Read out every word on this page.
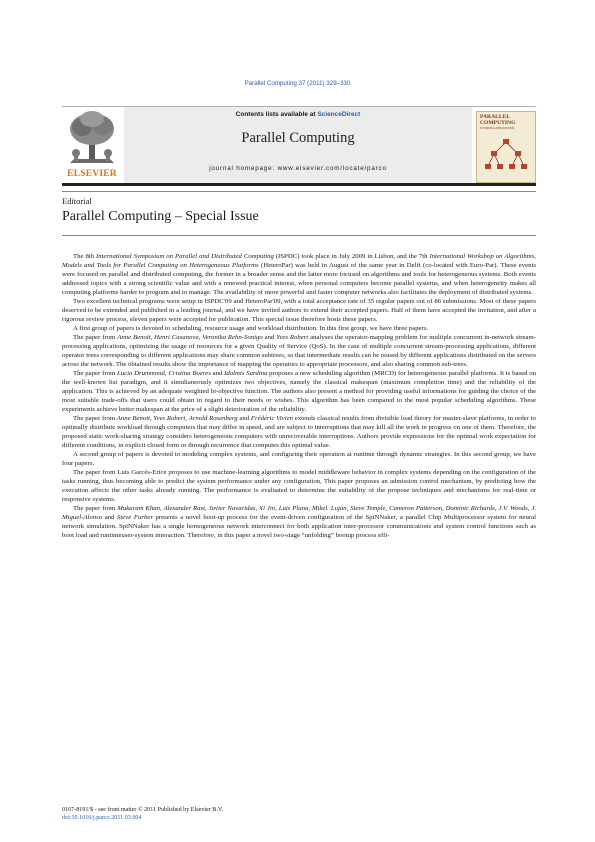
Parallel Computing 37 (2011) 329–330
ELSEVIER
Contents lists available at ScienceDirect
Parallel Computing
journal homepage: www.elsevier.com/locate/parco
PARALLEL COMPUTING
SYSTEMS & APPLICATIONS
Editorial
Parallel Computing – Special Issue

The 8th International Symposium on Parallel and Distributed Computing (ISPDC) took place in July 2009 in Lisbon, and the 7th International Workshop on Algorithms, Models and Tools for Parallel Computing on Heterogeneous Platforms (HeteroPar) was held in August of the same year in Delft (co-located with Euro-Par). These events were focused on parallel and distributed computing, the former in a broader sense and the latter more focused on algorithms and tools for heterogeneous systems. Both events addressed topics with a strong scientific value and with a renewed practical interest, when personal computers become parallel systems, and when heterogeneity makes all computing platforms harder to program and to manage. The availability of more powerful and faster computer networks also facilitates the deployment of distributed systems.

Two excellent technical programs were setup in ISPDC'09 and HeteroPar'09, with a total acceptance rate of 35 regular papers out of 86 submissions. Most of these papers deserved to be extended and published in a leading journal, and we have invited authors to extend their accepted papers. Half of them have accepted the invitation, and after a rigorous review process, eleven papers were accepted for publication. This special issue therefore hosts these papers.

A first group of papers is devoted to scheduling, resource usage and workload distribution. In this first group, we have three papers.

The paper from Anne Benoit, Henri Casanova, Veronika Rehn-Sonigo and Yves Robert analyses the operator-mapping problem for multiple concurrent in-network stream-processing applications, optimizing the usage of resources for a given Quality of Service (QoS). In the case of multiple concurrent stream-processing applications, different operator trees corresponding to different applications may share common subtrees, so that intermediate results can be reused by different applications distributed on the servers across the network. The obtained results show the importance of mapping the operators to appropriate processors, and also sharing common sub-trees.

The paper from Lucia Drummond, Cristina Boeres and Idalmis Sardina proposes a new scheduling algorithm (MRCD) for heterogeneous parallel platforms. It is based on the well-known list paradigm, and it simultaneously optimizes two objectives, namely the classical makespan (maximum completion time) and the reliability of the application. This is achieved by an adequate weighted bi-objective function. The authors also present a method for providing useful informations for guiding the choice of the most suitable trade-offs that users could obtain in regard to their needs or wishes. This algorithm has been compared to the most popular scheduling algorithms. These experiments achieve better makespan at the price of a slight deterioration of the reliability.

The paper from Anne Benoit, Yves Robert, Arnold Rosenberg and Frédéric Vivien extends classical results from divisible load theory for master-slave platforms, in order to optimally distribute workload through computers that may differ in speed, and are subject to interruptions that may kill all the work in progress on one of them. Therefore, the proposed static work-sharing strategy considers heterogeneous computers with unrecoverable interruptions. Authors provide expressions for the optimal work expectation for different conditions, in explicit closed form or through recurrence that computes this optimal value.

A second group of papers is devoted to modeling complex systems, and configuring their operation at runtime through dynamic strategies. In this second group, we have four papers.

The paper from Luis Garcés-Erice proposes to use machine-learning algorithms to model middleware behavior in complex systems depending on the configuration of the tasks running, thus becoming able to predict the system performance under any configuration, This paper proposes an admission control mechanism, by predicting how the execution affects the other tasks already running. The performance is evaluated to determine the suitability of the propose techniques and mechanisms for real-time or responsive systems.

The paper from Mukaram Khan, Alexander Rast, Javier Navaridas, Xi Jin, Luis Plana, Mikel. Luján, Steve Temple, Cameron Patterson, Dominic Richards, J.V. Woods, J. Miguel-Alonso and Steve Furber presents a novel boot-up process for the event-driven configuration of the SpiNNaker, a parallel Chip Multiprocessor system for neural network simulation. SpiNNaker has a single homogeneous network interconnect for both application inter-processor communications and system control functions such as boot load and runtimeuser-system interaction. Therefore, in this paper a novel two-stage “unfolding” bootup process effi-

0167-8191/$ - see front matter © 2011 Published by Elsevier B.V.
doi:10.1016/j.parco.2011.03.004
